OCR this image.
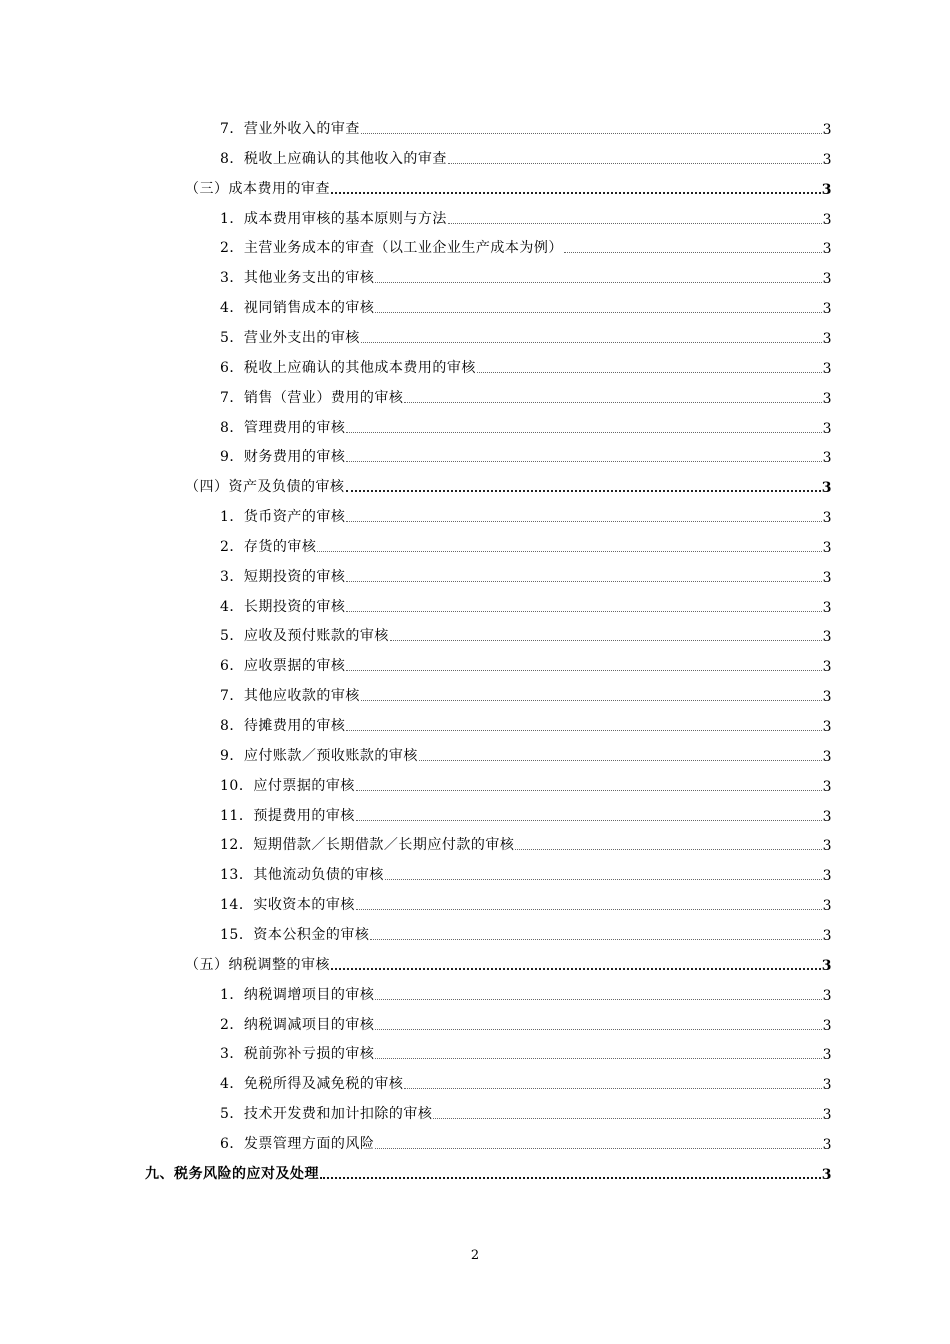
7．营业外收入的审查	3
8．税收上应确认的其他收入的审查	3
（三）成本费用的审查	3
1．成本费用审核的基本原则与方法	3
2．主营业务成本的审查（以工业企业生产成本为例）	3
3．其他业务支出的审核	3
4．视同销售成本的审核	3
5．营业外支出的审核	3
6．税收上应确认的其他成本费用的审核	3
7．销售（营业）费用的审核	3
8．管理费用的审核	3
9．财务费用的审核	3
（四）资产及负债的审核	3
1．货币资产的审核	3
2．存货的审核	3
3．短期投资的审核	3
4．长期投资的审核	3
5．应收及预付账款的审核	3
6．应收票据的审核	3
7．其他应收款的审核	3
8．待摊费用的审核	3
9．应付账款／预收账款的审核	3
10．应付票据的审核	3
11．预提费用的审核	3
12．短期借款／长期借款／长期应付款的审核	3
13．其他流动负债的审核	3
14．实收资本的审核	3
15．资本公积金的审核	3
（五）纳税调整的审核	3
1．纳税调增项目的审核	3
2．纳税调减项目的审核	3
3．税前弥补亏损的审核	3
4．免税所得及减免税的审核	3
5．技术开发费和加计扣除的审核	3
6．发票管理方面的风险	3
九、税务风险的应对及处理	3
2
